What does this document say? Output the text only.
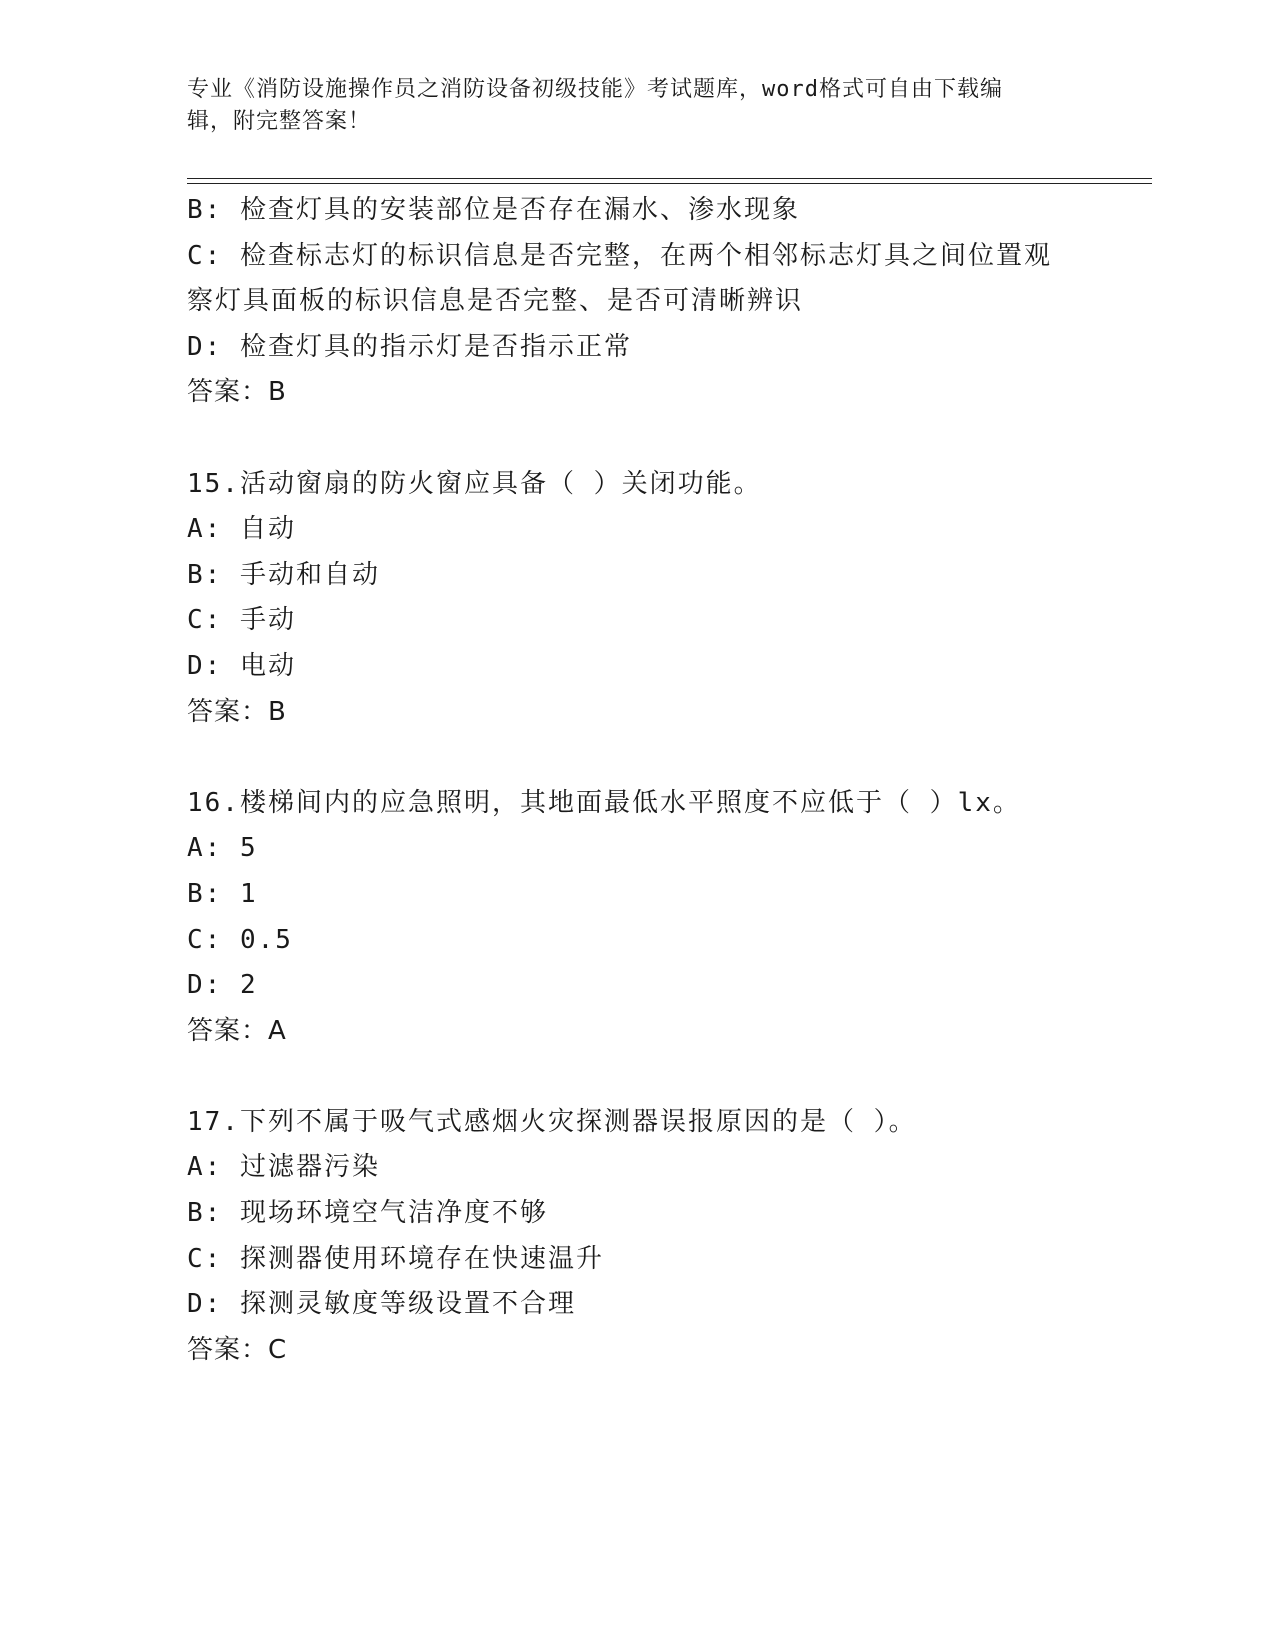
专业《消防设施操作员之消防设备初级技能》考试题库，word格式可自由下载编
辑，附完整答案！
B: 检查灯具的安装部位是否存在漏水、渗水现象
C: 检查标志灯的标识信息是否完整，在两个相邻标志灯具之间位置观
察灯具面板的标识信息是否完整、是否可清晰辨识
D: 检查灯具的指示灯是否指示正常
答案：B
15.活动窗扇的防火窗应具备（ ）关闭功能。
A: 自动
B: 手动和自动
C: 手动
D: 电动
答案：B
16.楼梯间内的应急照明，其地面最低水平照度不应低于（ ）lx。
A: 5
B: 1
C: 0.5
D: 2
答案：A
17.下列不属于吸气式感烟火灾探测器误报原因的是（ ）。
A: 过滤器污染
B: 现场环境空气洁净度不够
C: 探测器使用环境存在快速温升
D: 探测灵敏度等级设置不合理
答案：C
